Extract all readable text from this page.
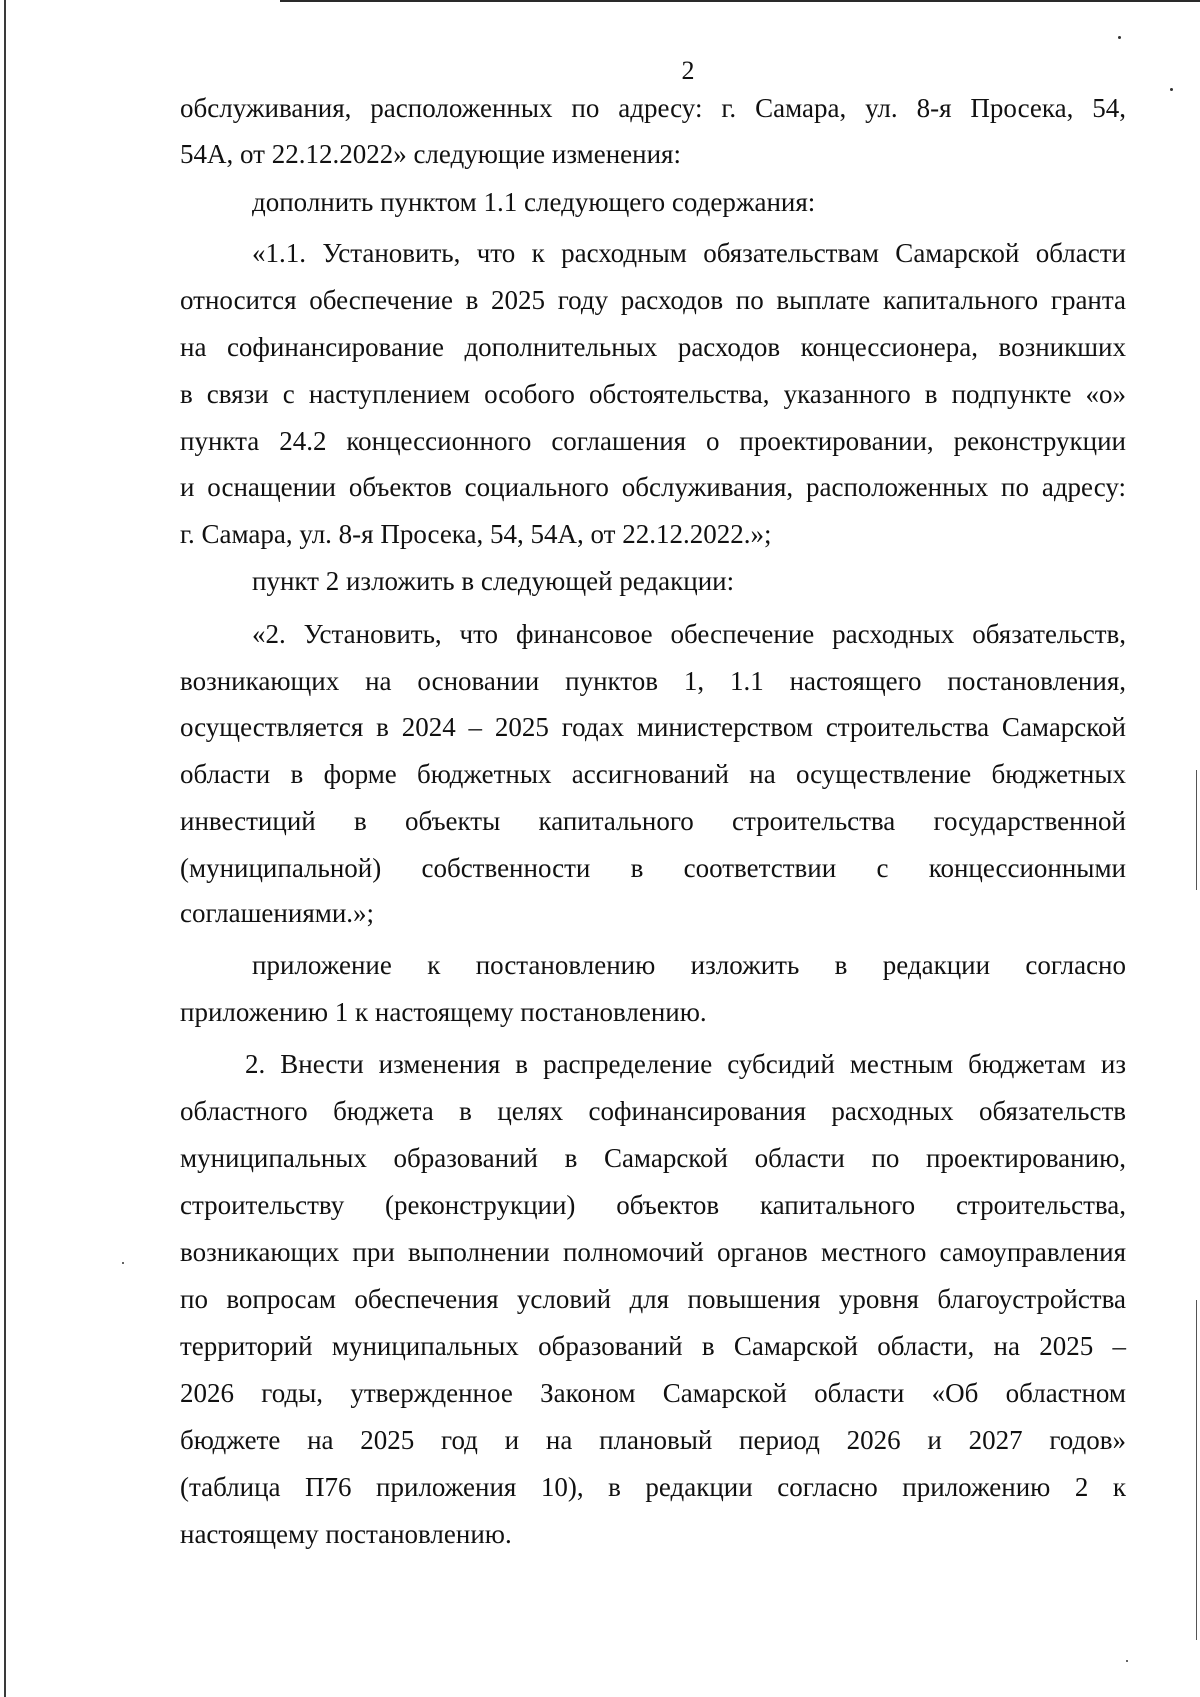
2
обслуживания, расположенных по адресу: г. Самара, ул. 8-я Просека, 54,
54А, от 22.12.2022» следующие изменения:
дополнить пунктом 1.1 следующего содержания:
«1.1. Установить, что к расходным обязательствам Самарской области
относится обеспечение в 2025 году расходов по выплате капитального гранта
на софинансирование дополнительных расходов концессионера, возникших
в связи с наступлением особого обстоятельства, указанного в подпункте «о»
пункта 24.2 концессионного соглашения о проектировании, реконструкции
и оснащении объектов социального обслуживания, расположенных по адресу:
г. Самара, ул. 8-я Просека, 54, 54А, от 22.12.2022.»;
пункт 2 изложить в следующей редакции:
«2. Установить, что финансовое обеспечение расходных обязательств,
возникающих на основании пунктов 1, 1.1 настоящего постановления,
осуществляется в 2024 – 2025 годах министерством строительства Самарской
области в форме бюджетных ассигнований на осуществление бюджетных
инвестиций в объекты капитального строительства государственной
(муниципальной) собственности в соответствии с концессионными
соглашениями.»;
приложение к постановлению изложить в редакции согласно
приложению 1 к настоящему постановлению.
2. Внести изменения в распределение субсидий местным бюджетам из
областного бюджета в целях софинансирования расходных обязательств
муниципальных образований в Самарской области по проектированию,
строительству (реконструкции) объектов капитального строительства,
возникающих при выполнении полномочий органов местного самоуправления
по вопросам обеспечения условий для повышения уровня благоустройства
территорий муниципальных образований в Самарской области, на 2025 –
2026 годы, утвержденное Законом Самарской области «Об областном
бюджете на 2025 год и на плановый период 2026 и 2027 годов»
(таблица П76 приложения 10), в редакции согласно приложению 2 к
настоящему постановлению.
